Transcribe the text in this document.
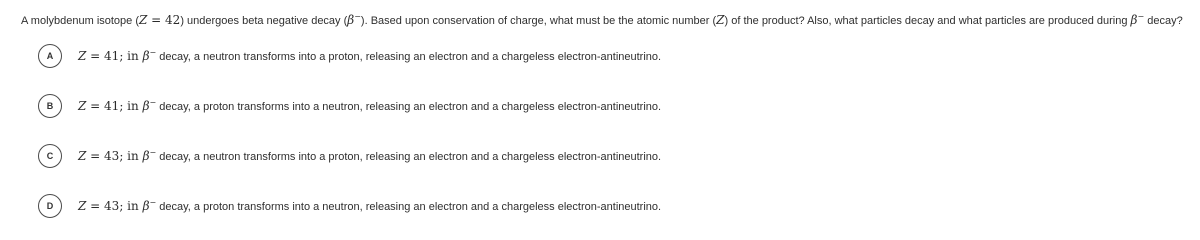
A molybdenum isotope (Z = 42) undergoes beta negative decay (β−). Based upon conservation of charge, what must be the atomic number (Z) of the product? Also, what particles decay and what particles are produced during β− decay?
A	Z = 41; in β− decay, a neutron transforms into a proton, releasing an electron and a chargeless electron-antineutrino.
B	Z = 41; in β− decay, a proton transforms into a neutron, releasing an electron and a chargeless electron-antineutrino.
C	Z = 43; in β− decay, a neutron transforms into a proton, releasing an electron and a chargeless electron-antineutrino.
D	Z = 43; in β− decay, a proton transforms into a neutron, releasing an electron and a chargeless electron-antineutrino.
